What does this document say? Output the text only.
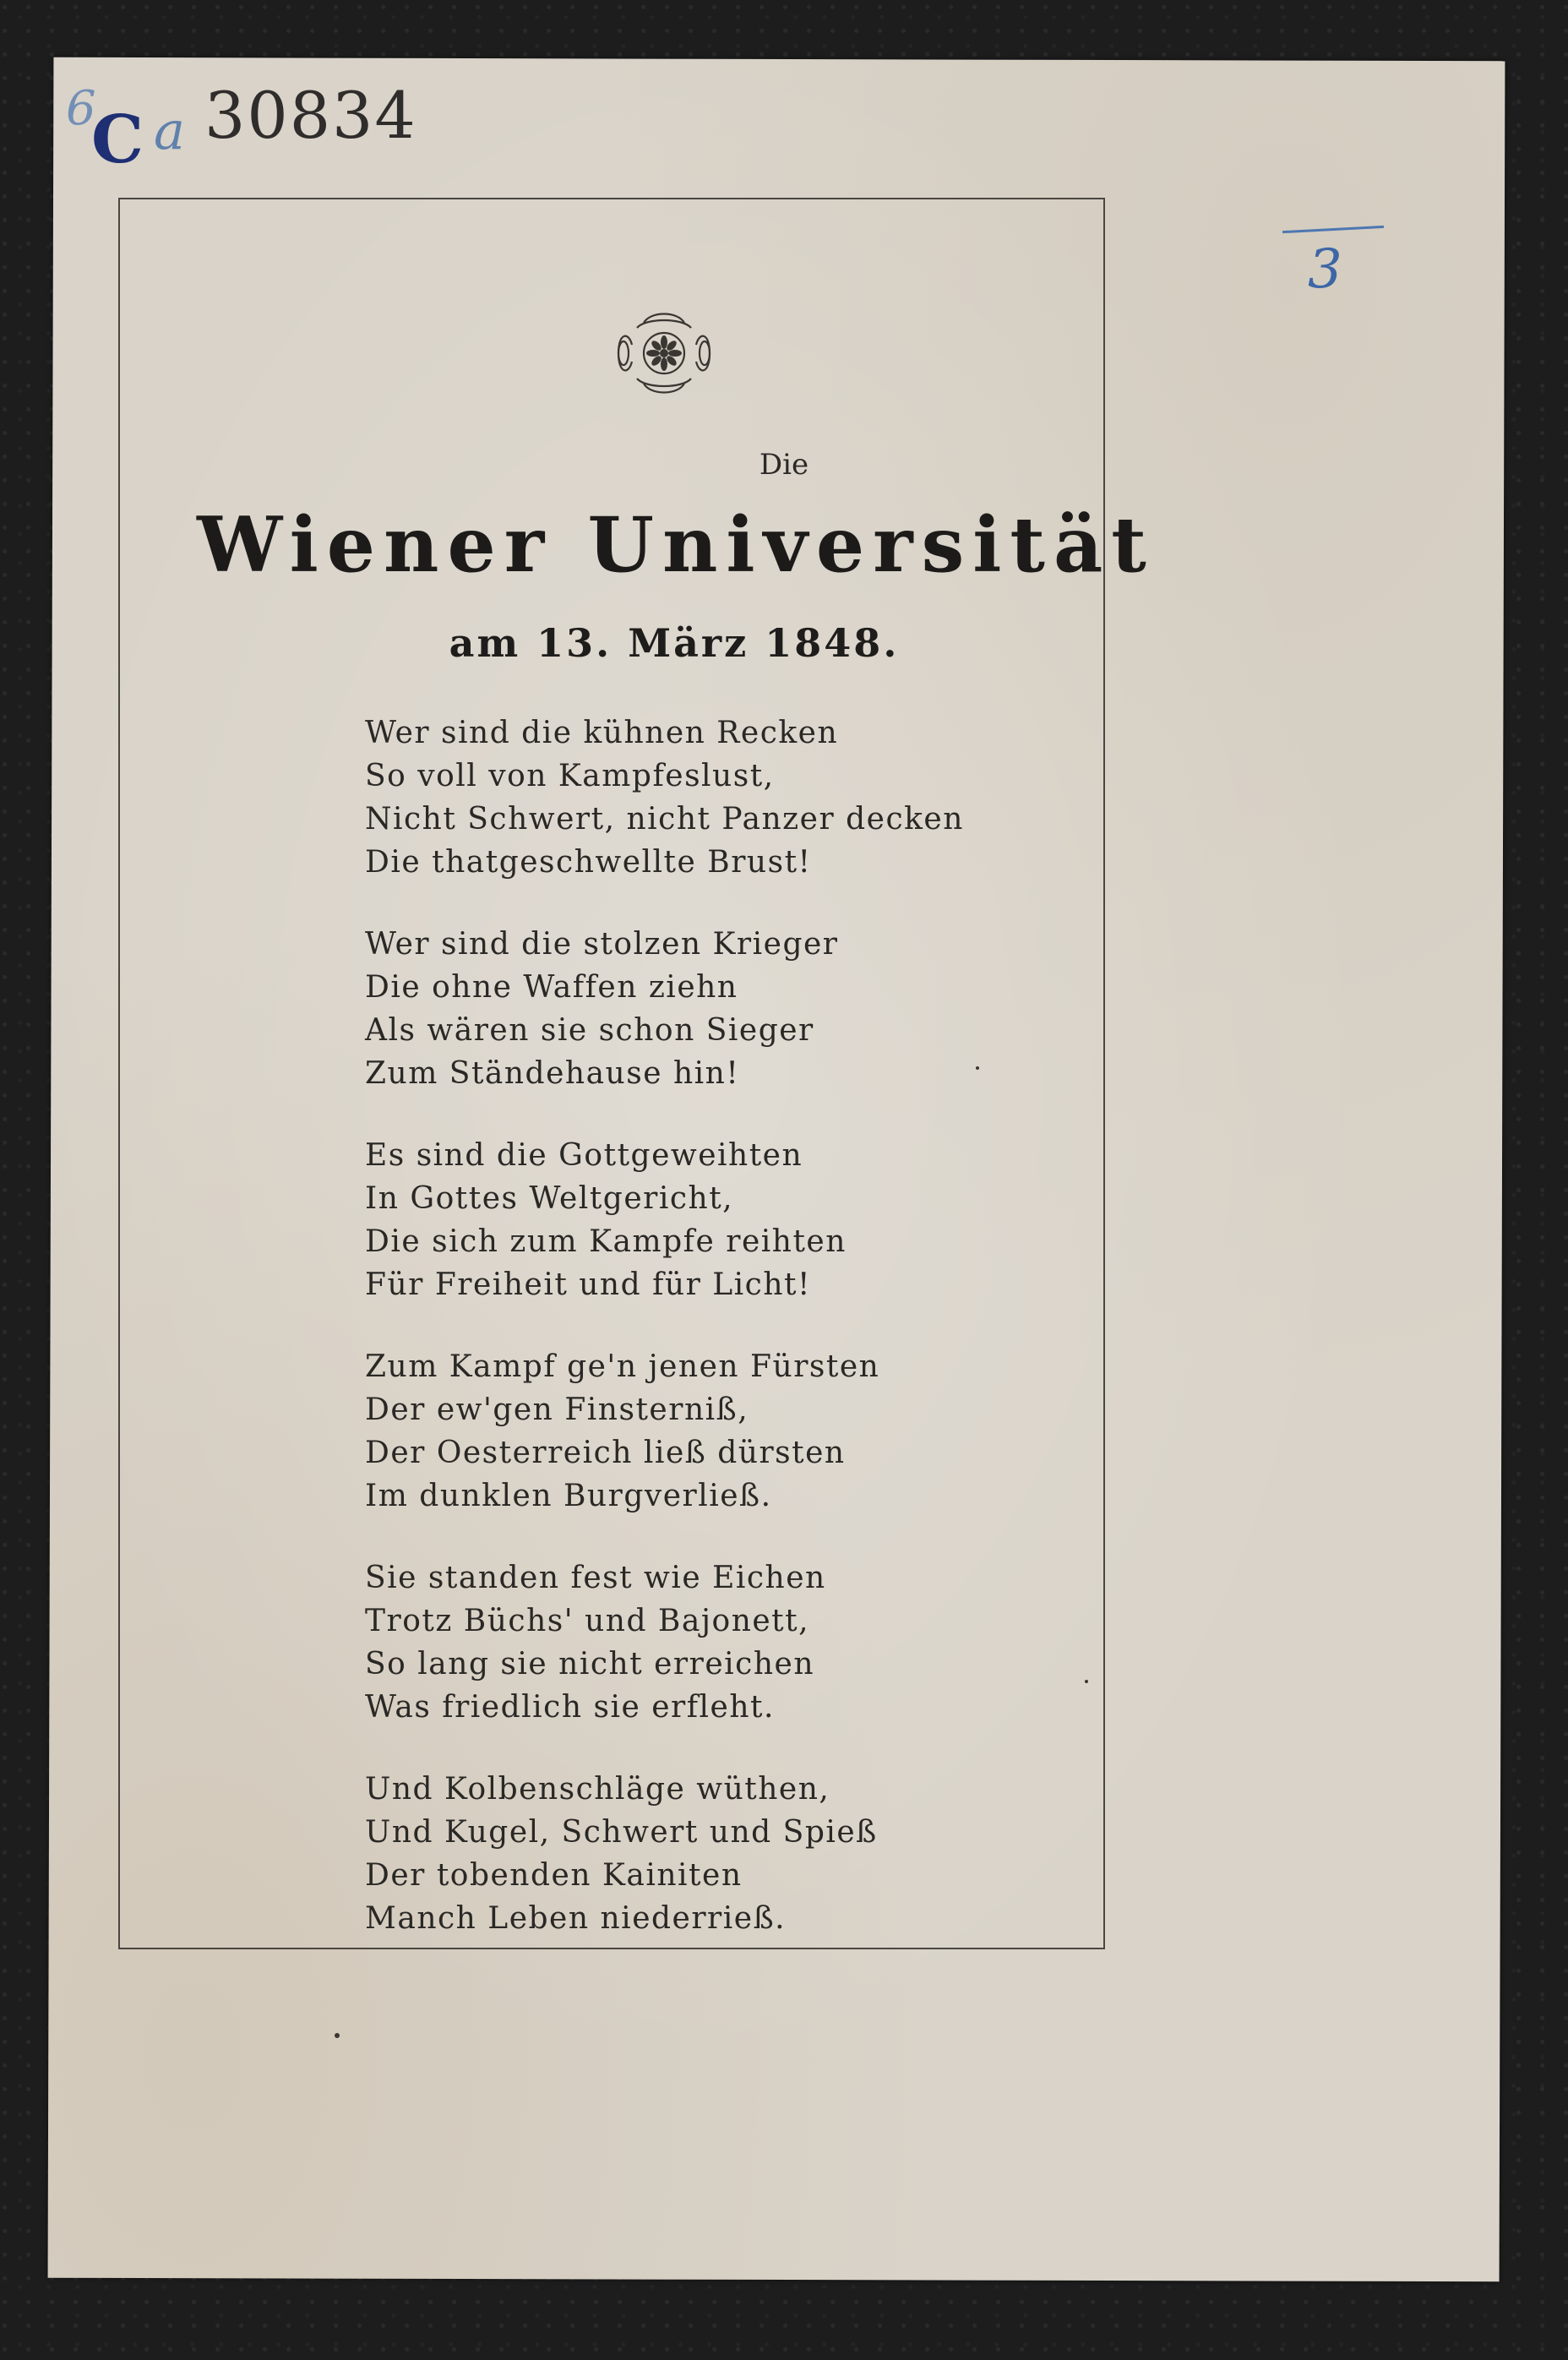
6
C a 30834
3
Die
Wiener Universität
am 13. März 1848.
Wer sind die kühnen Recken
So voll von Kampfeslust,
Nicht Schwert, nicht Panzer decken
Die thatgeschwellte Brust!
Wer sind die stolzen Krieger
Die ohne Waffen ziehn
Als wären sie schon Sieger
Zum Ständehause hin!
Es sind die Gottgeweihten
In Gottes Weltgericht,
Die sich zum Kampfe reihten
Für Freiheit und für Licht!
Zum Kampf ge'n jenen Fürsten
Der ew'gen Finsterniß,
Der Oesterreich ließ dürsten
Im dunklen Burgverließ.
Sie standen fest wie Eichen
Trotz Büchs' und Bajonett,
So lang sie nicht erreichen
Was friedlich sie erfleht.
Und Kolbenschläge wüthen,
Und Kugel, Schwert und Spieß
Der tobenden Kainiten
Manch Leben niederrieß.
